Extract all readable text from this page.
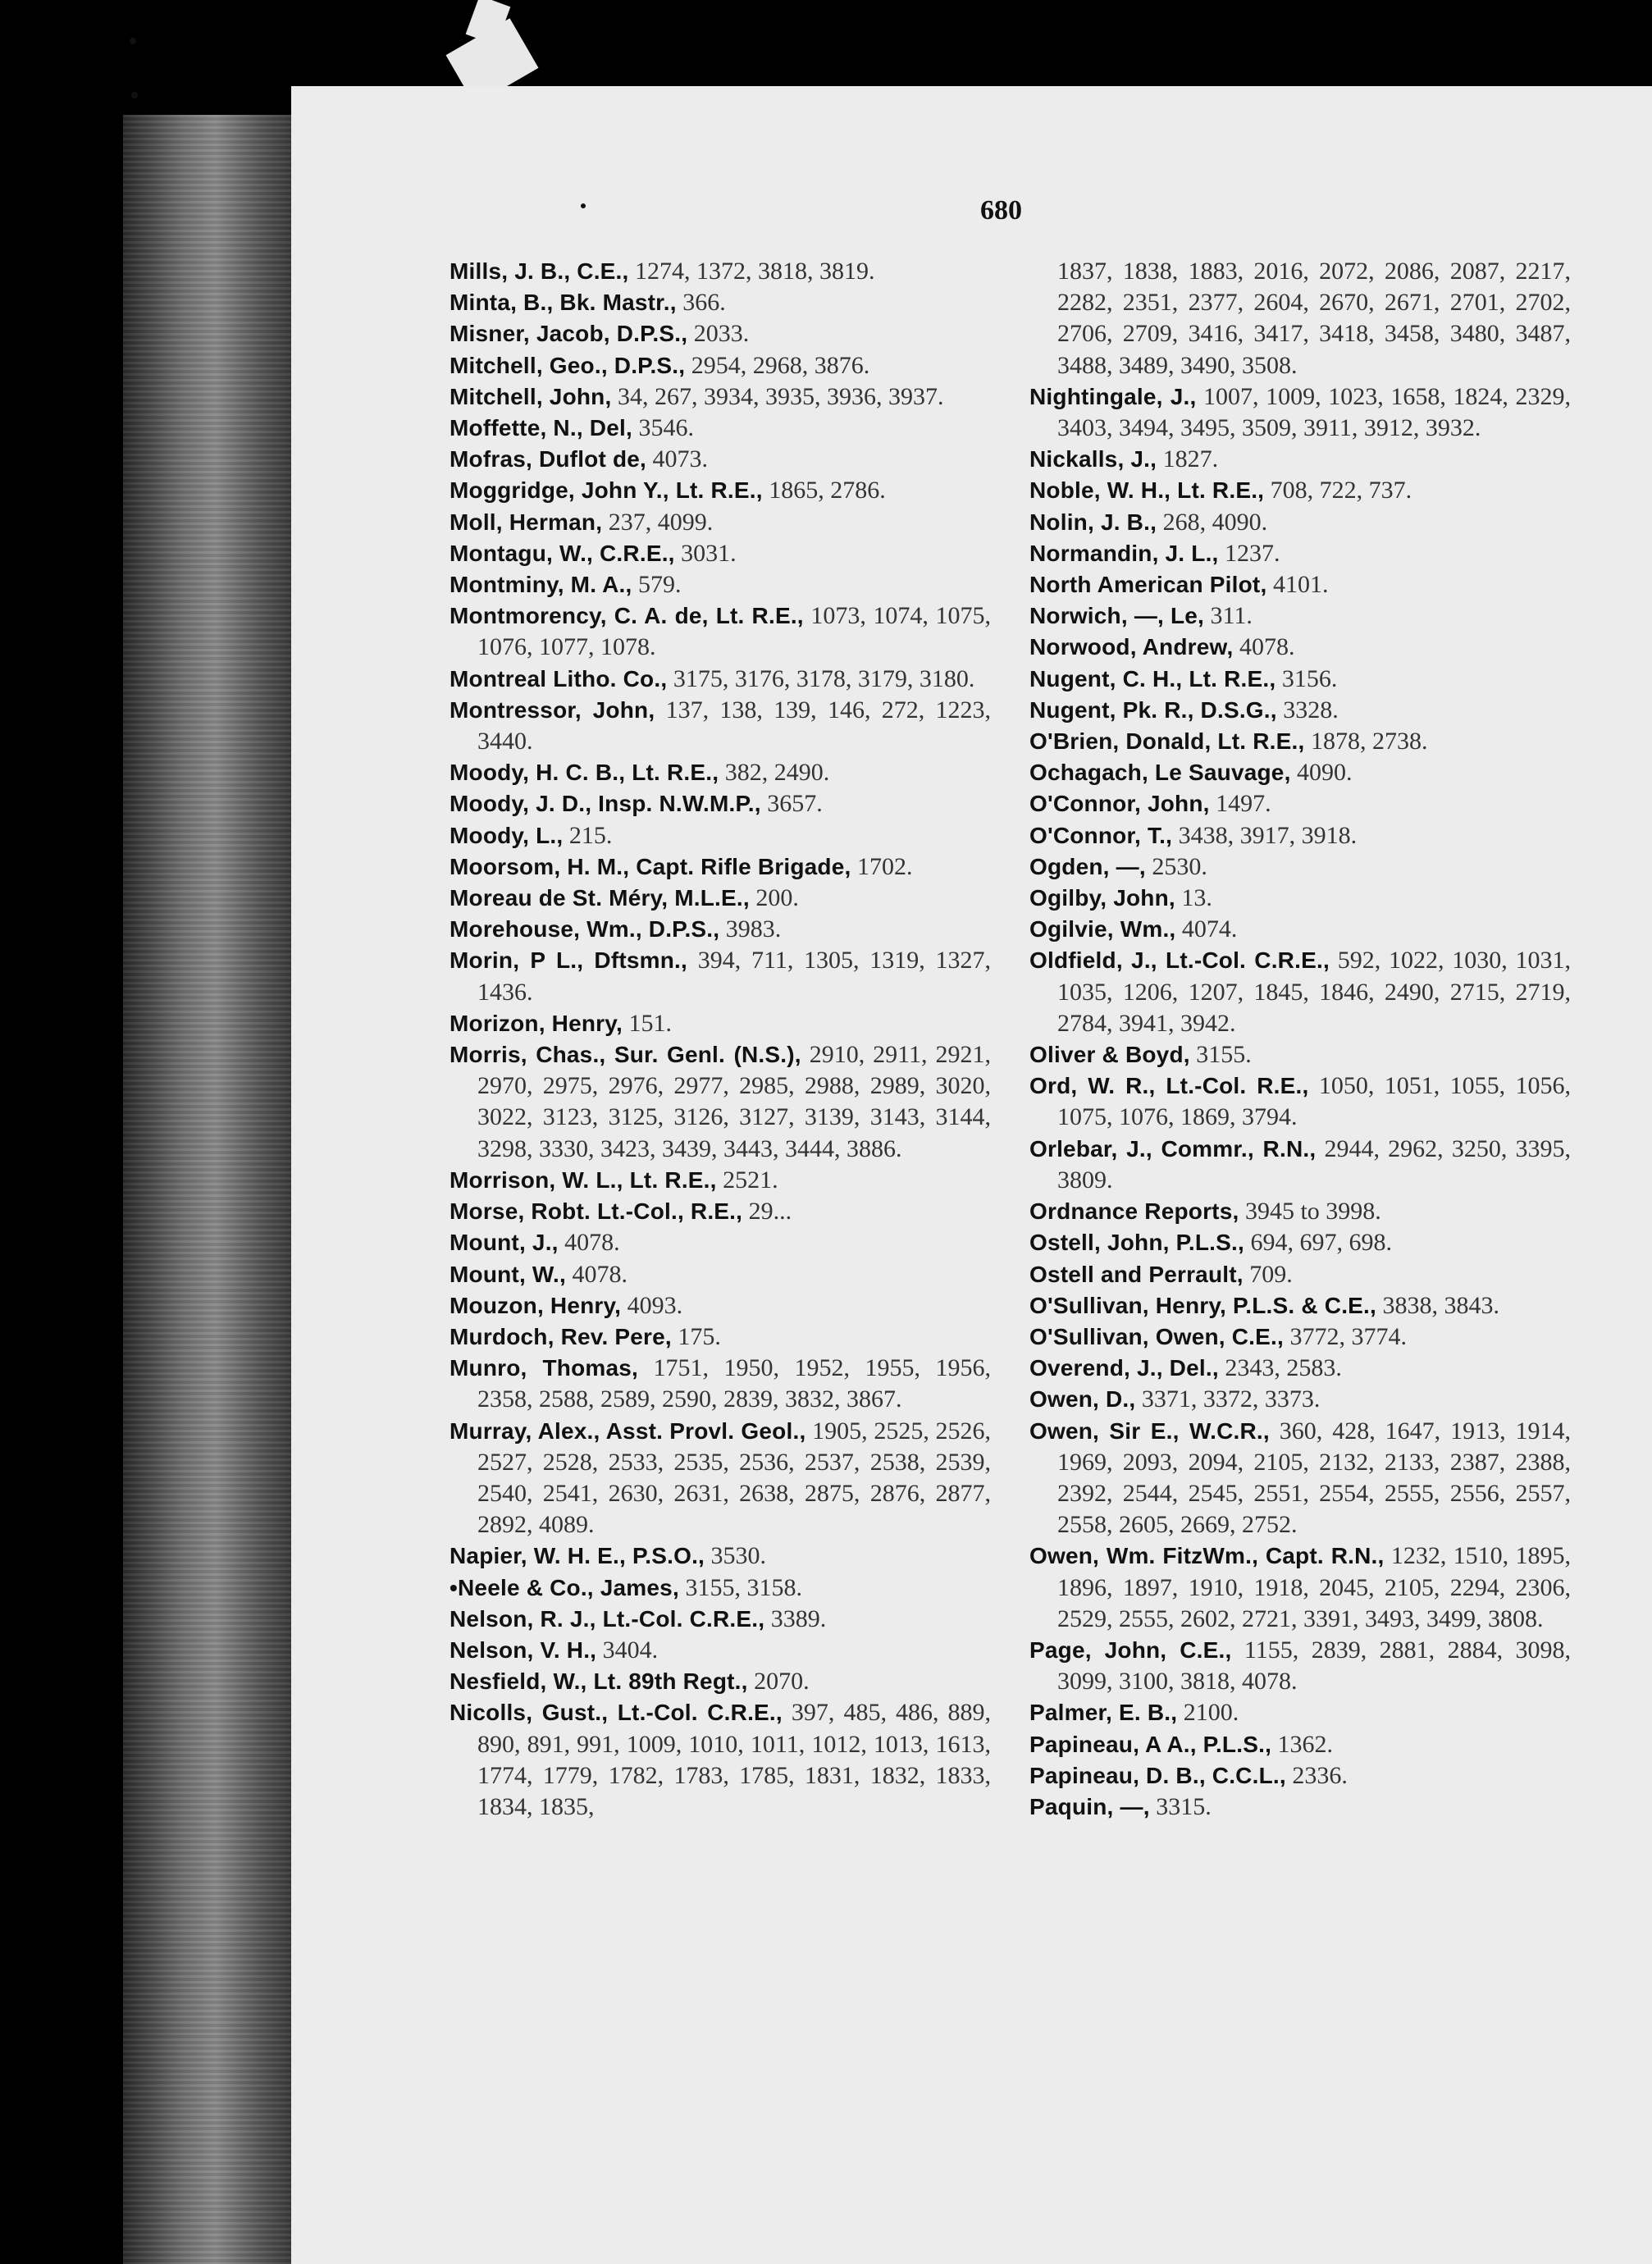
680

Mills, J. B., C.E., 1274, 1372, 3818, 3819.

Minta, B., Bk. Mastr., 366.

Misner, Jacob, D.P.S., 2033.

Mitchell, Geo., D.P.S., 2954, 2968, 3876.

Mitchell, John, 34, 267, 3934, 3935, 3936, 3937.

Moffette, N., Del, 3546.

Mofras, Duflot de, 4073.

Moggridge, John Y., Lt. R.E., 1865, 2786.

Moll, Herman, 237, 4099.

Montagu, W., C.R.E., 3031.

Montminy, M. A., 579.

Montmorency, C. A. de, Lt. R.E., 1073, 1074, 1075, 1076, 1077, 1078.

Montreal Litho. Co., 3175, 3176, 3178, 3179, 3180.

Montressor, John, 137, 138, 139, 146, 272, 1223, 3440.

Moody, H. C. B., Lt. R.E., 382, 2490.

Moody, J. D., Insp. N.W.M.P., 3657.

Moody, L., 215.

Moorsom, H. M., Capt. Rifle Brigade, 1702.

Moreau de St. Méry, M.L.E., 200.

Morehouse, Wm., D.P.S., 3983.

Morin, P L., Dftsmn., 394, 711, 1305, 1319, 1327, 1436.

Morizon, Henry, 151.

Morris, Chas., Sur. Genl. (N.S.), 2910, 2911, 2921, 2970, 2975, 2976, 2977, 2985, 2988, 2989, 3020, 3022, 3123, 3125, 3126, 3127, 3139, 3143, 3144, 3298, 3330, 3423, 3439, 3443, 3444, 3886.

Morrison, W. L., Lt. R.E., 2521.

Morse, Robt. Lt.-Col., R.E., 29...

Mount, J., 4078.

Mount, W., 4078.

Mouzon, Henry, 4093.

Murdoch, Rev. Pere, 175.

Munro, Thomas, 1751, 1950, 1952, 1955, 1956, 2358, 2588, 2589, 2590, 2839, 3832, 3867.

Murray, Alex., Asst. Provl. Geol., 1905, 2525, 2526, 2527, 2528, 2533, 2535, 2536, 2537, 2538, 2539, 2540, 2541, 2630, 2631, 2638, 2875, 2876, 2877, 2892, 4089.

Napier, W. H. E., P.S.O., 3530.

•Neele & Co., James, 3155, 3158.

Nelson, R. J., Lt.-Col. C.R.E., 3389.

Nelson, V. H., 3404.

Nesfield, W., Lt. 89th Regt., 2070.

Nicolls, Gust., Lt.-Col. C.R.E., 397, 485, 486, 889, 890, 891, 991, 1009, 1010, 1011, 1012, 1013, 1613, 1774, 1779, 1782, 1783, 1785, 1831, 1832, 1833, 1834, 1835,

1837, 1838, 1883, 2016, 2072, 2086, 2087, 2217, 2282, 2351, 2377, 2604, 2670, 2671, 2701, 2702, 2706, 2709, 3416, 3417, 3418, 3458, 3480, 3487, 3488, 3489, 3490, 3508.

Nightingale, J., 1007, 1009, 1023, 1658, 1824, 2329, 3403, 3494, 3495, 3509, 3911, 3912, 3932.

Nickalls, J., 1827.

Noble, W. H., Lt. R.E., 708, 722, 737.

Nolin, J. B., 268, 4090.

Normandin, J. L., 1237.

North American Pilot, 4101.

Norwich, —, Le, 311.

Norwood, Andrew, 4078.

Nugent, C. H., Lt. R.E., 3156.

Nugent, Pk. R., D.S.G., 3328.

O'Brien, Donald, Lt. R.E., 1878, 2738.

Ochagach, Le Sauvage, 4090.

O'Connor, John, 1497.

O'Connor, T., 3438, 3917, 3918.

Ogden, —, 2530.

Ogilby, John, 13.

Ogilvie, Wm., 4074.

Oldfield, J., Lt.-Col. C.R.E., 592, 1022, 1030, 1031, 1035, 1206, 1207, 1845, 1846, 2490, 2715, 2719, 2784, 3941, 3942.

Oliver & Boyd, 3155.

Ord, W. R., Lt.-Col. R.E., 1050, 1051, 1055, 1056, 1075, 1076, 1869, 3794.

Orlebar, J., Commr., R.N., 2944, 2962, 3250, 3395, 3809.

Ordnance Reports, 3945 to 3998.

Ostell, John, P.L.S., 694, 697, 698.

Ostell and Perrault, 709.

O'Sullivan, Henry, P.L.S. & C.E., 3838, 3843.

O'Sullivan, Owen, C.E., 3772, 3774.

Overend, J., Del., 2343, 2583.

Owen, D., 3371, 3372, 3373.

Owen, Sir E., W.C.R., 360, 428, 1647, 1913, 1914, 1969, 2093, 2094, 2105, 2132, 2133, 2387, 2388, 2392, 2544, 2545, 2551, 2554, 2555, 2556, 2557, 2558, 2605, 2669, 2752.

Owen, Wm. FitzWm., Capt. R.N., 1232, 1510, 1895, 1896, 1897, 1910, 1918, 2045, 2105, 2294, 2306, 2529, 2555, 2602, 2721, 3391, 3493, 3499, 3808.

Page, John, C.E., 1155, 2839, 2881, 2884, 3098, 3099, 3100, 3818, 4078.

Palmer, E. B., 2100.

Papineau, A A., P.L.S., 1362.

Papineau, D. B., C.C.L., 2336.

Paquin, —, 3315.
